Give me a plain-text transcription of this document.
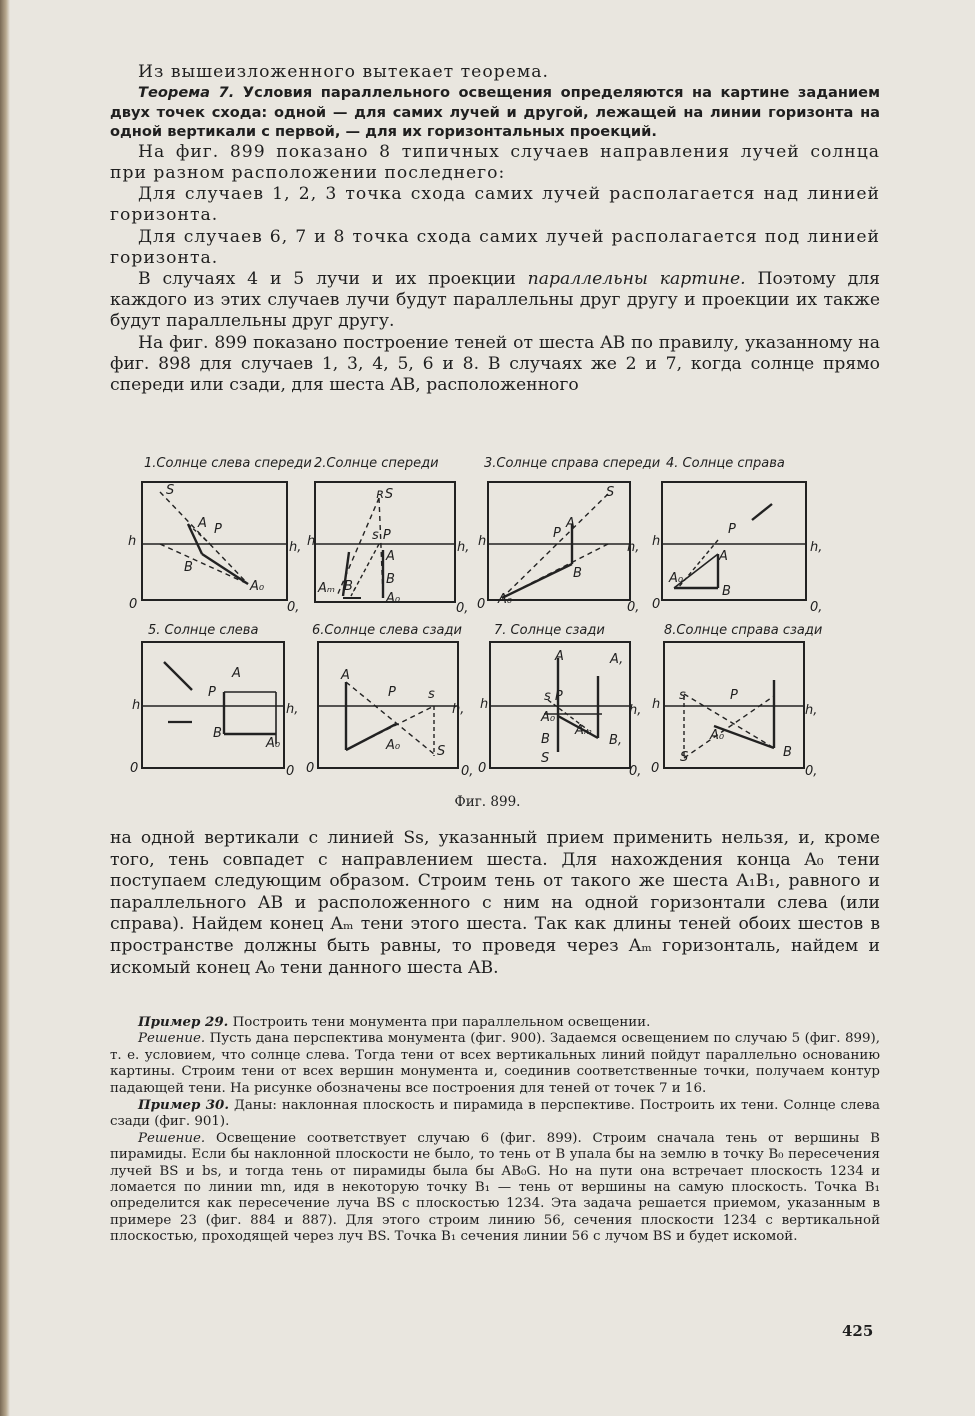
Из вышеизложенного вытекает теорема.

Теорема 7. Условия параллельного освещения определяются на картине заданием двух точек схода: одной — для самих лучей и другой, лежащей на линии горизонта на одной вертикали с первой, — для их горизонтальных проекций.

На фиг. 899 показано 8 типичных случаев направления лучей солнца при разном расположении последнего:

Для случаев 1, 2, 3 точка схода самих лучей располагается над линией горизонта.

Для случаев 6, 7 и 8 точка схода самих лучей располагается под линией горизонта.

В случаях 4 и 5 лучи и их проекции параллельны картине. Поэтому для каждого из этих случаев лучи будут параллельны друг другу и проекции их также будут параллельны друг другу.

На фиг. 899 показано построение теней от шеста AB по правилу, указанному на фиг. 898 для случаев 1, 3, 4, 5, 6 и 8. В случаях же 2 и 7, когда солнце прямо спереди или сзади, для шеста AB, расположенного

1.Солнце слева спереди 2.Солнце спереди	3.Солнце справа спереди 4. Солнце справа
5. Солнце слева	6.Солнце слева сзади 7. Солнце сзади	8.Солнце справа сзади
h	h,
0	0,
S
A P
B
A₀
h	h,
0,
ʀS
s P
A
B
A₀
Aₘ B,
h	h,
0	0,
S
A
P
B
A₀
h	h,
0	0,
P
A
A₀
B
h	h,
0	0
A
P
B
A₀
0	0,
h,
A
P s
A₀	S
h	h,
0	0,
A	A,
s P
A₀
Aₘ
B,
B
S
h	h,
0	0,
s	P
A₀
S	B
Фиг. 899.

на одной вертикали с линией Ss, указанный прием применить нельзя, и, кроме того, тень совпадет с направлением шеста. Для нахождения конца A₀ тени поступаем следующим образом. Строим тень от такого же шеста A₁B₁, равного и параллельного AB и расположенного с ним на одной горизонтали слева (или справа). Найдем конец Aₘ тени этого шеста. Так как длины теней обоих шестов в пространстве должны быть равны, то проведя через Aₘ горизонталь, найдем и искомый конец A₀ тени данного шеста AB.

Пример 29. Построить тени монумента при параллельном освещении.

Решение. Пусть дана перспектива монумента (фиг. 900). Задаемся освещением по случаю 5 (фиг. 899), т. е. условием, что солнце слева. Тогда тени от всех вертикальных линий пойдут параллельно основанию картины. Строим тени от всех вершин монумента и, соединив соответственные точки, получаем контур падающей тени. На рисунке обозначены все построения для теней от точек 7 и 16.

Пример 30. Даны: наклонная плоскость и пирамида в перспективе. Построить их тени. Солнце слева сзади (фиг. 901).

Решение. Освещение соответствует случаю 6 (фиг. 899). Строим сначала тень от вершины B пирамиды. Если бы наклонной плоскости не было, то тень от B упала бы на землю в точку B₀ пересечения лучей BS и bs, и тогда тень от пирамиды была бы AB₀G. Но на пути она встречает плоскость 1234 и ломается по линии mn, идя в некоторую точку B₁ — тень от вершины на самую плоскость. Точка B₁ определится как пересечение луча BS с плоскостью 1234. Эта задача решается приемом, указанным в примере 23 (фиг. 884 и 887). Для этого строим линию 56, сечения плоскости 1234 с вертикальной плоскостью, проходящей через луч BS. Точка B₁ сечения линии 56 с лучом BS и будет искомой.

425
